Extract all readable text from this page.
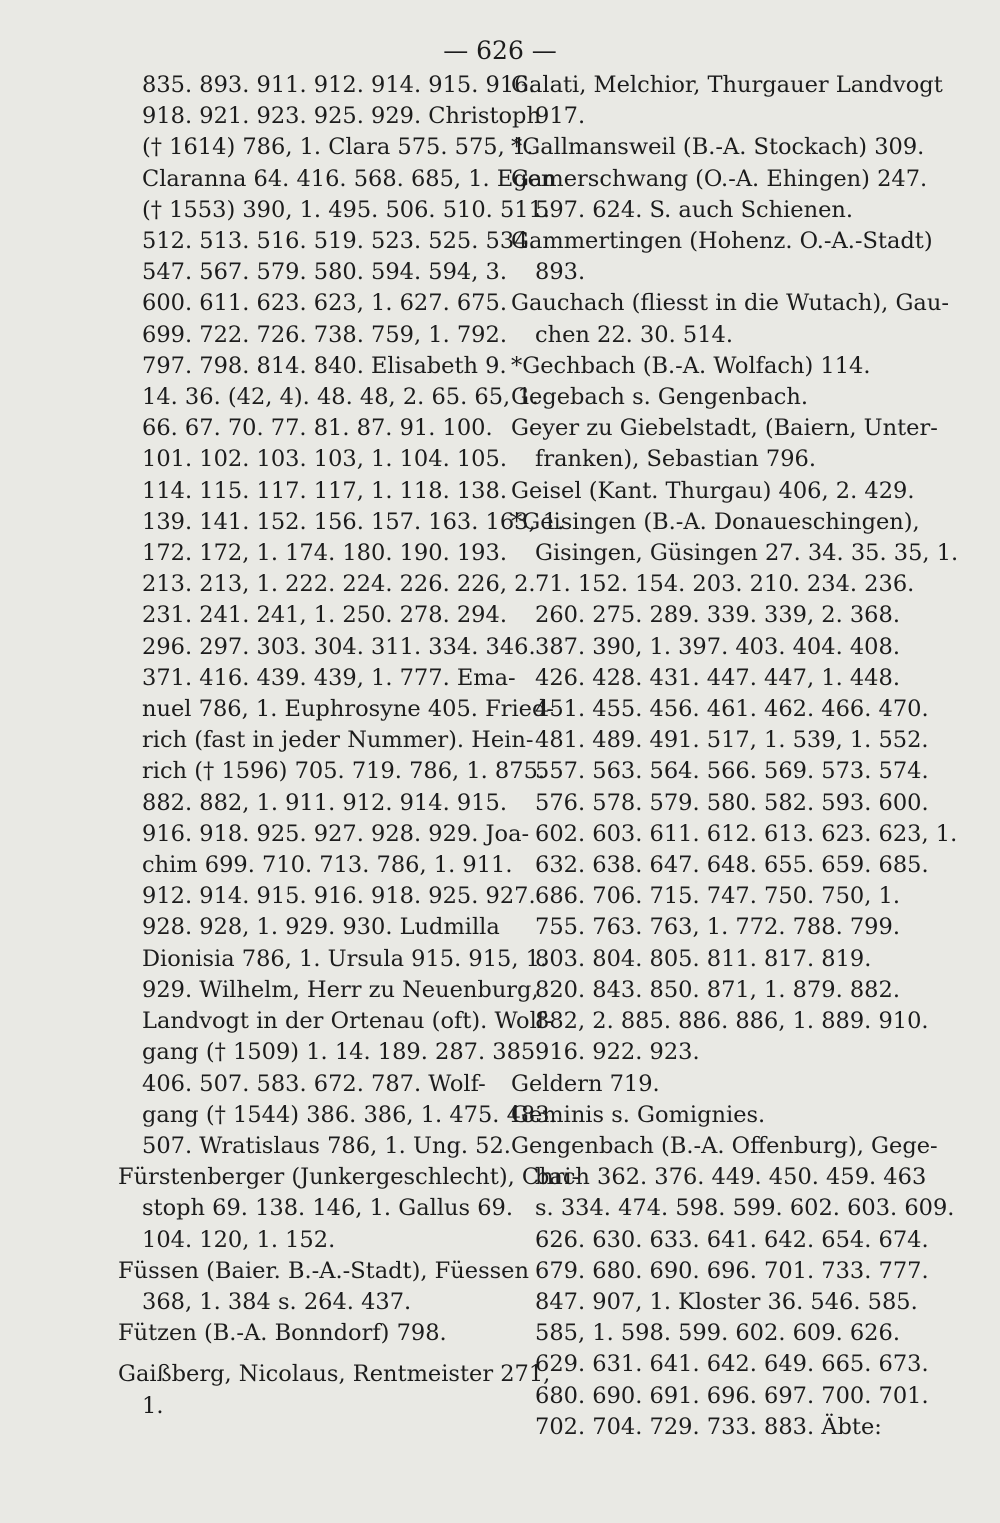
— 626 —
835. 893. 911. 912. 914. 915. 916.
918. 921. 923. 925. 929. Christoph
(† 1614) 786, 1. Clara 575. 575, 1.
Claranna 64. 416. 568. 685, 1. Egen
(† 1553) 390, 1. 495. 506. 510. 511.
512. 513. 516. 519. 523. 525. 534.
547. 567. 579. 580. 594. 594, 3.
600. 611. 623. 623, 1. 627. 675.
699. 722. 726. 738. 759, 1. 792.
797. 798. 814. 840. Elisabeth 9.
14. 36. (42, 4). 48. 48, 2. 65. 65, 1.
66. 67. 70. 77. 81. 87. 91. 100.
101. 102. 103. 103, 1. 104. 105.
114. 115. 117. 117, 1. 118. 138.
139. 141. 152. 156. 157. 163. 163, 1.
172. 172, 1. 174. 180. 190. 193.
213. 213, 1. 222. 224. 226. 226, 2.
231. 241. 241, 1. 250. 278. 294.
296. 297. 303. 304. 311. 334. 346.
371. 416. 439. 439, 1. 777. Ema-
nuel 786, 1. Euphrosyne 405. Fried-
rich (fast in jeder Nummer). Hein-
rich († 1596) 705. 719. 786, 1. 875.
882. 882, 1. 911. 912. 914. 915.
916. 918. 925. 927. 928. 929. Joa-
chim 699. 710. 713. 786, 1. 911.
912. 914. 915. 916. 918. 925. 927.
928. 928, 1. 929. 930. Ludmilla
Dionisia 786, 1. Ursula 915. 915, 1.
929. Wilhelm, Herr zu Neuenburg,
Landvogt in der Ortenau (oft). Wolf-
gang († 1509) 1. 14. 189. 287. 385.
406. 507. 583. 672. 787. Wolf-
gang († 1544) 386. 386, 1. 475. 483.
507. Wratislaus 786, 1. Ung. 52.
Fürstenberger (Junkergeschlecht), Chri-
stoph 69. 138. 146, 1. Gallus 69.
104. 120, 1. 152.
Füssen (Baier. B.-A.-Stadt), Füessen
368, 1. 384 s. 264. 437.
Fützen (B.-A. Bonndorf) 798.
Gaißberg, Nicolaus, Rentmeister 271,
1.
Galati, Melchior, Thurgauer Landvogt
917.
*Gallmansweil (B.-A. Stockach) 309.
Gamerschwang (O.-A. Ehingen) 247.
597. 624. S. auch Schienen.
Gammertingen (Hohenz. O.-A.-Stadt)
893.
Gauchach (fliesst in die Wutach), Gau-
chen 22. 30. 514.
*Gechbach (B.-A. Wolfach) 114.
Gegebach s. Gengenbach.
Geyer zu Giebelstadt, (Baiern, Unter-
franken), Sebastian 796.
Geisel (Kant. Thurgau) 406, 2. 429.
*Geisingen (B.-A. Donaueschingen),
Gisingen, Güsingen 27. 34. 35. 35, 1.
71. 152. 154. 203. 210. 234. 236.
260. 275. 289. 339. 339, 2. 368.
387. 390, 1. 397. 403. 404. 408.
426. 428. 431. 447. 447, 1. 448.
451. 455. 456. 461. 462. 466. 470.
481. 489. 491. 517, 1. 539, 1. 552.
557. 563. 564. 566. 569. 573. 574.
576. 578. 579. 580. 582. 593. 600.
602. 603. 611. 612. 613. 623. 623, 1.
632. 638. 647. 648. 655. 659. 685.
686. 706. 715. 747. 750. 750, 1.
755. 763. 763, 1. 772. 788. 799.
803. 804. 805. 811. 817. 819.
820. 843. 850. 871, 1. 879. 882.
882, 2. 885. 886. 886, 1. 889. 910.
916. 922. 923.
Geldern 719.
Geminis s. Gomignies.
Gengenbach (B.-A. Offenburg), Gege-
bach 362. 376. 449. 450. 459. 463
s. 334. 474. 598. 599. 602. 603. 609.
626. 630. 633. 641. 642. 654. 674.
679. 680. 690. 696. 701. 733. 777.
847. 907, 1. Kloster 36. 546. 585.
585, 1. 598. 599. 602. 609. 626.
629. 631. 641. 642. 649. 665. 673.
680. 690. 691. 696. 697. 700. 701.
702. 704. 729. 733. 883. Äbte:
